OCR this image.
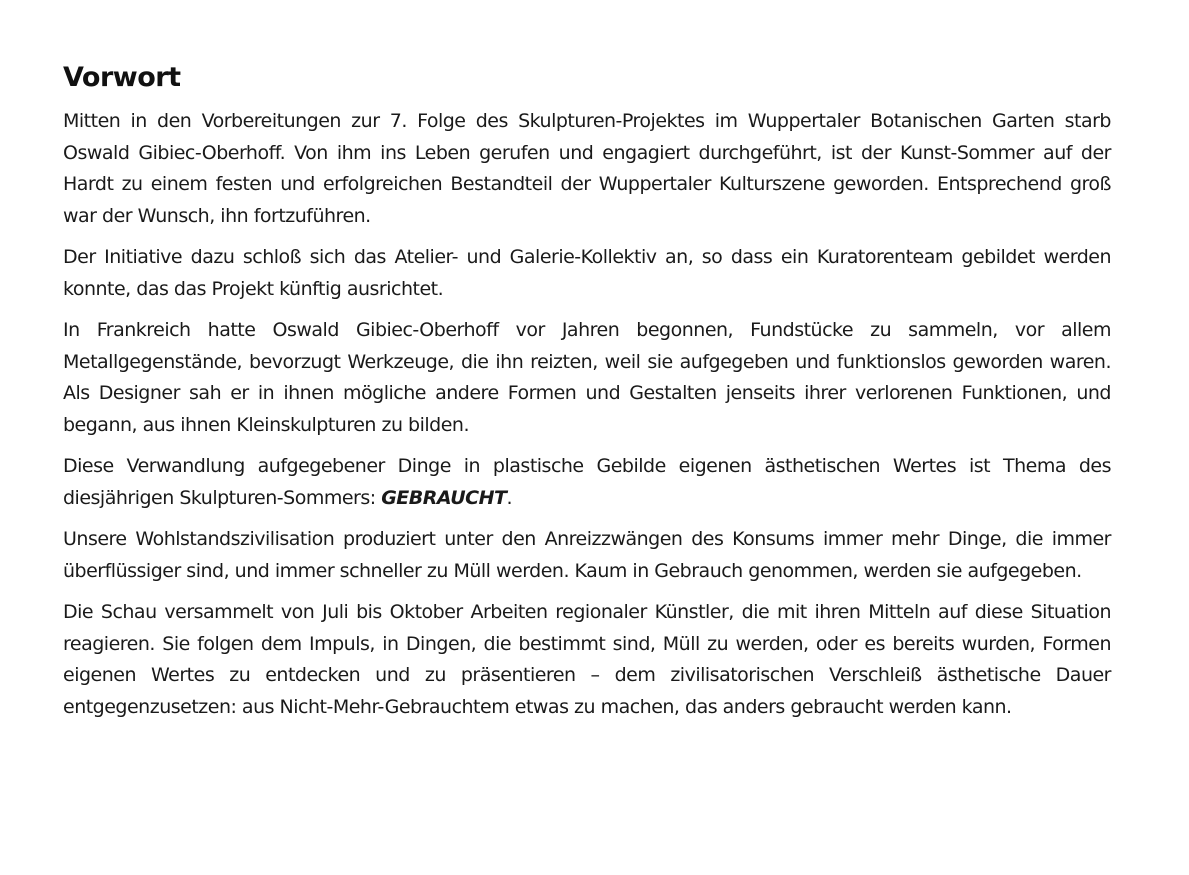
Vorwort

Mitten in den Vorbereitungen zur 7. Folge des Skulpturen-Projektes im Wuppertaler Botanischen Garten starb Oswald Gibiec-Oberhoff. Von ihm ins Leben gerufen und engagiert durchgeführt, ist der Kunst-Sommer auf der Hardt zu einem festen und erfolgreichen Bestandteil der Wuppertaler Kulturszene geworden. Entsprechend groß war der Wunsch, ihn fortzuführen.

Der Initiative dazu schloß sich das Atelier- und Galerie-Kollektiv an, so dass ein Kuratorenteam gebildet werden konnte, das das Projekt künftig ausrichtet.

In Frankreich hatte Oswald Gibiec-Oberhoff vor Jahren begonnen, Fundstücke zu sammeln, vor allem Metallgegenstände, bevorzugt Werkzeuge, die ihn reizten, weil sie aufgegeben und funktionslos geworden waren. Als Designer sah er in ihnen mögliche andere Formen und Gestalten jenseits ihrer verlorenen Funktionen, und begann, aus ihnen Kleinskulpturen zu bilden.

Diese Verwandlung aufgegebener Dinge in plastische Gebilde eigenen ästhetischen Wertes ist Thema des diesjährigen Skulpturen-Sommers: GEBRAUCHT.

Unsere Wohlstandszivilisation produziert unter den Anreizzwängen des Konsums immer mehr Dinge, die immer überflüssiger sind, und immer schneller zu Müll werden. Kaum in Gebrauch genommen, werden sie aufgegeben.

Die Schau versammelt von Juli bis Oktober Arbeiten regionaler Künstler, die mit ihren Mitteln auf diese Situation reagieren. Sie folgen dem Impuls, in Dingen, die bestimmt sind, Müll zu werden, oder es bereits wurden, Formen eigenen Wertes zu entdecken und zu präsentieren – dem zivilisatorischen Verschleiß ästhetische Dauer entgegenzusetzen: aus Nicht-Mehr-Gebrauchtem etwas zu machen, das anders gebraucht werden kann.
